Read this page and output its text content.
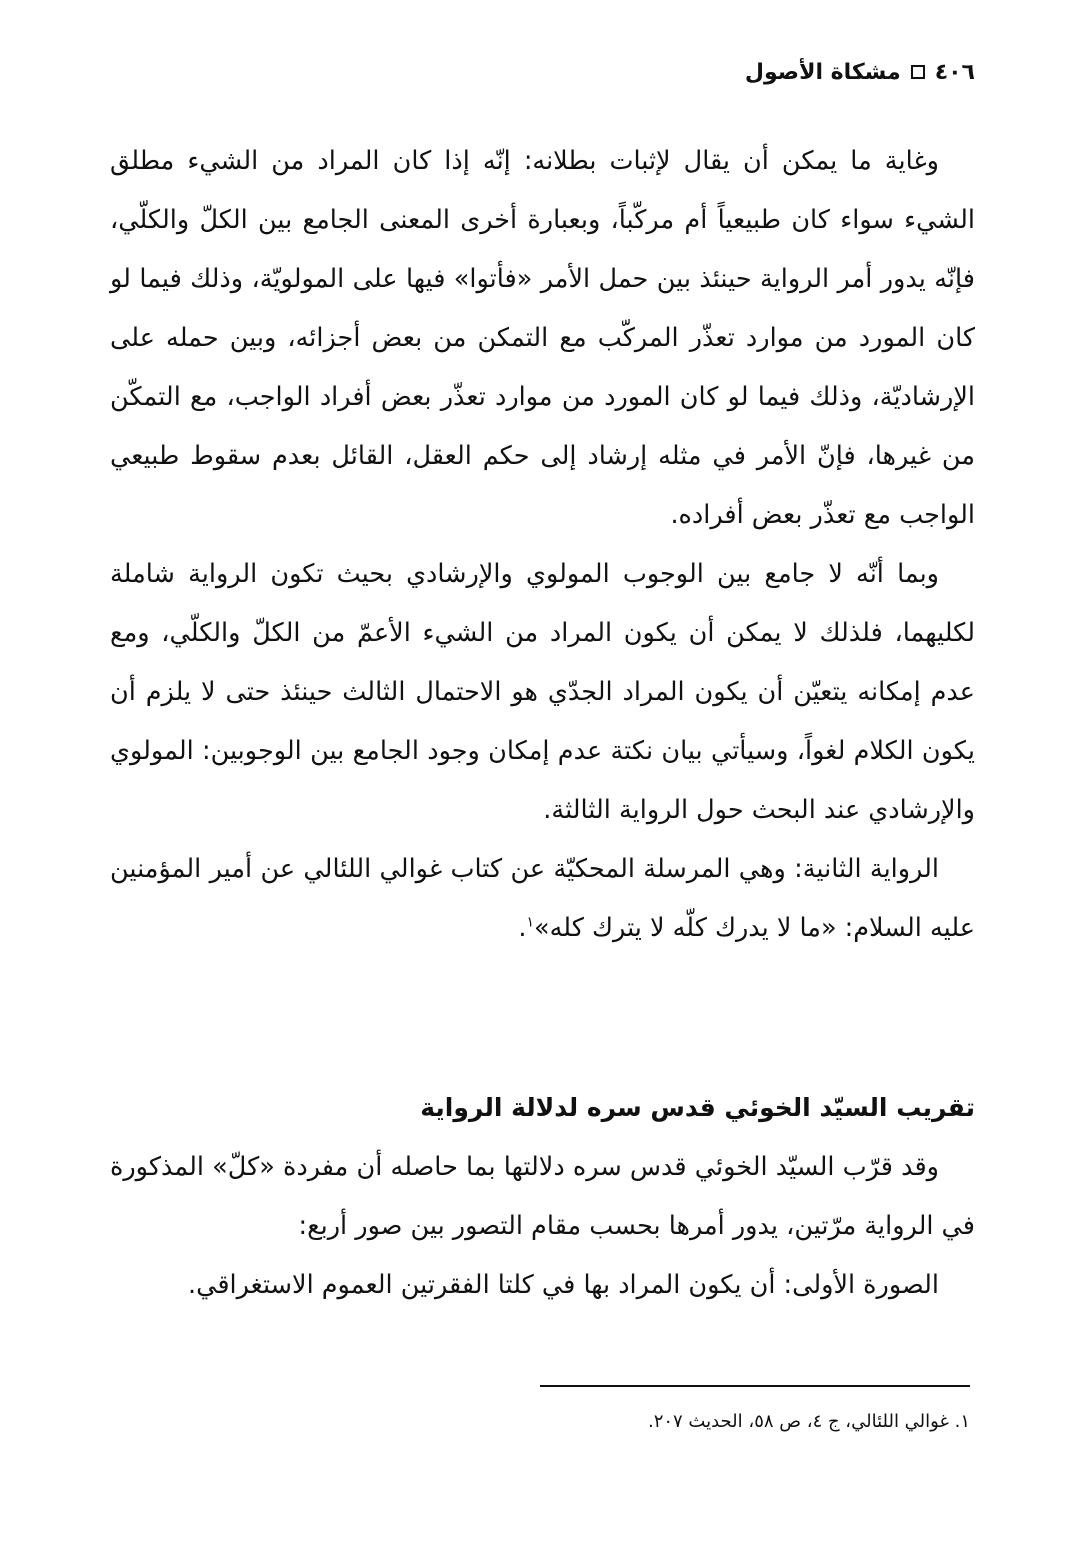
٤٠٦
مشكاة الأصول

وغاية ما يمكن أن يقال لإثبات بطلانه: إنّه إذا كان المراد من الشيء مطلق الشيء سواء كان طبيعياً أم مركّباً، وبعبارة أخرى المعنى الجامع بين الكلّ والكلّي، فإنّه يدور أمر الرواية حينئذ بين حمل الأمر «فأتوا» فيها على المولويّة، وذلك فيما لو كان المورد من موارد تعذّر المركّب مع التمكن من بعض أجزائه، وبين حمله على الإرشاديّة، وذلك فيما لو كان المورد من موارد تعذّر بعض أفراد الواجب، مع التمكّن من غيرها، فإنّ الأمر في مثله إرشاد إلى حكم العقل، القائل بعدم سقوط طبيعي الواجب مع تعذّر بعض أفراده.

وبما أنّه لا جامع بين الوجوب المولوي والإرشادي بحيث تكون الرواية شاملة لكليهما، فلذلك لا يمكن أن يكون المراد من الشيء الأعمّ من الكلّ والكلّي، ومع عدم إمكانه يتعيّن أن يكون المراد الجدّي هو الاحتمال الثالث حينئذ حتى لا يلزم أن يكون الكلام لغواً، وسيأتي بيان نكتة عدم إمكان وجود الجامع بين الوجوبين: المولوي والإرشادي عند البحث حول الرواية الثالثة.

الرواية الثانية: وهي المرسلة المحكيّة عن كتاب غوالي اللئالي عن أمير المؤمنين عليه السلام: «ما لا يدرك كلّه لا يترك كله»$^١$.

تقريب السيّد الخوئي قدس سره لدلالة الرواية

وقد قرّب السيّد الخوئي قدس سره دلالتها بما حاصله أن مفردة «كلّ» المذكورة في الرواية مرّتين، يدور أمرها بحسب مقام التصور بين صور أربع:

الصورة الأولى: أن يكون المراد بها في كلتا الفقرتين العموم الاستغراقي.

١. غوالي اللئالي، ج ٤، ص ٥٨، الحديث ٢٠٧.
